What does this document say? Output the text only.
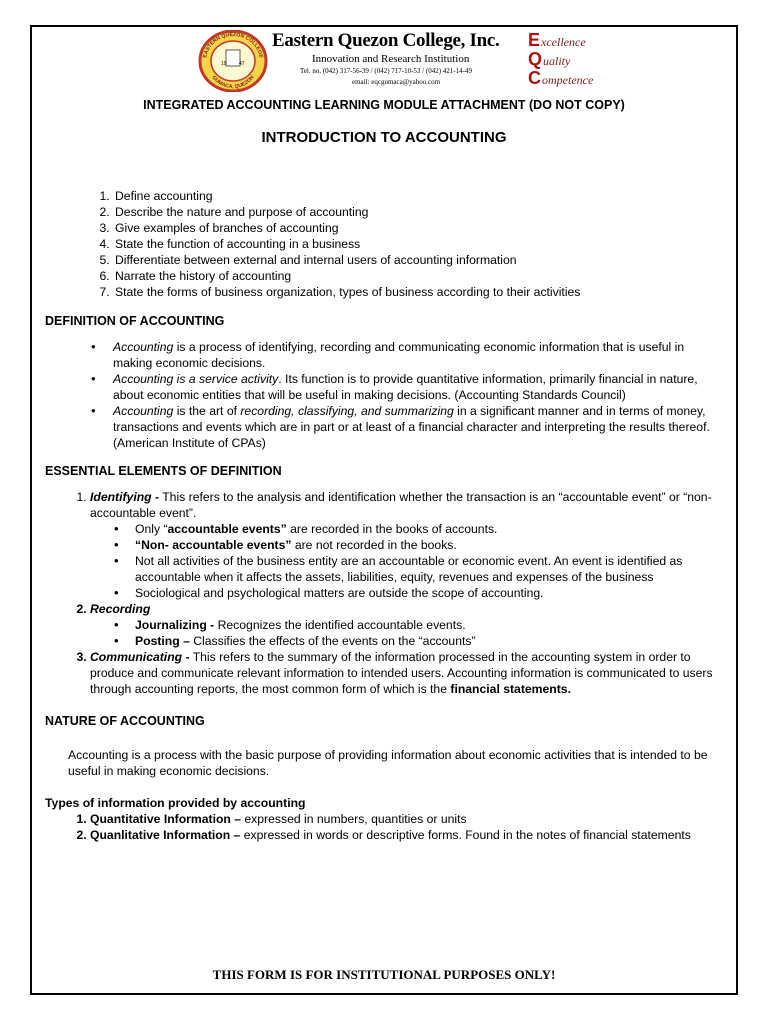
EASTERN QUEZON COLLEGE
GUMACA, QUEZON
19 47
Eastern Quezon College, Inc.
Innovation and Research Institution
Tel. no. (042) 317-56-39 / (042) 717-10-53 / (042) 421-14-49
email: eqcgumaca@yahoo.com
Excellence
Quality
Competence
INTEGRATED ACCOUNTING LEARNING MODULE ATTACHMENT (DO NOT COPY)
INTRODUCTION TO ACCOUNTING
1. Define accounting
2. Describe the nature and purpose of accounting
3. Give examples of branches of accounting
4. State the function of accounting in a business
5. Differentiate between external and internal users of accounting information
6. Narrate the history of accounting
7. State the forms of business organization, types of business according to their activities
DEFINITION OF ACCOUNTING
• Accounting is a process of identifying, recording and communicating economic information that is useful in making economic decisions.
• Accounting is a service activity. Its function is to provide quantitative information, primarily financial in nature, about economic entities that will be useful in making decisions. (Accounting Standards Council)
• Accounting is the art of recording, classifying, and summarizing in a significant manner and in terms of money, transactions and events which are in part or at least of a financial character and interpreting the results thereof. (American Institute of CPAs)
ESSENTIAL ELEMENTS OF DEFINITION
1. Identifying - This refers to the analysis and identification whether the transaction is an “accountable event” or “non-accountable event”.
• Only “accountable events” are recorded in the books of accounts.
• “Non- accountable events” are not recorded in the books.
• Not all activities of the business entity are an accountable or economic event. An event is identified as accountable when it affects the assets, liabilities, equity, revenues and expenses of the business
• Sociological and psychological matters are outside the scope of accounting.
2. Recording
• Journalizing - Recognizes the identified accountable events.
• Posting – Classifies the effects of the events on the “accounts”
3. Communicating - This refers to the summary of the information processed in the accounting system in order to produce and communicate relevant information to intended users. Accounting information is communicated to users through accounting reports, the most common form of which is the financial statements.
NATURE OF ACCOUNTING

Accounting is a process with the basic purpose of providing information about economic activities that is intended to be useful in making economic decisions.

Types of information provided by accounting

1. Quantitative Information – expressed in numbers, quantities or units
2. Quanlitative Information – expressed in words or descriptive forms. Found in the notes of financial statements
THIS FORM IS FOR INSTITUTIONAL PURPOSES ONLY!
